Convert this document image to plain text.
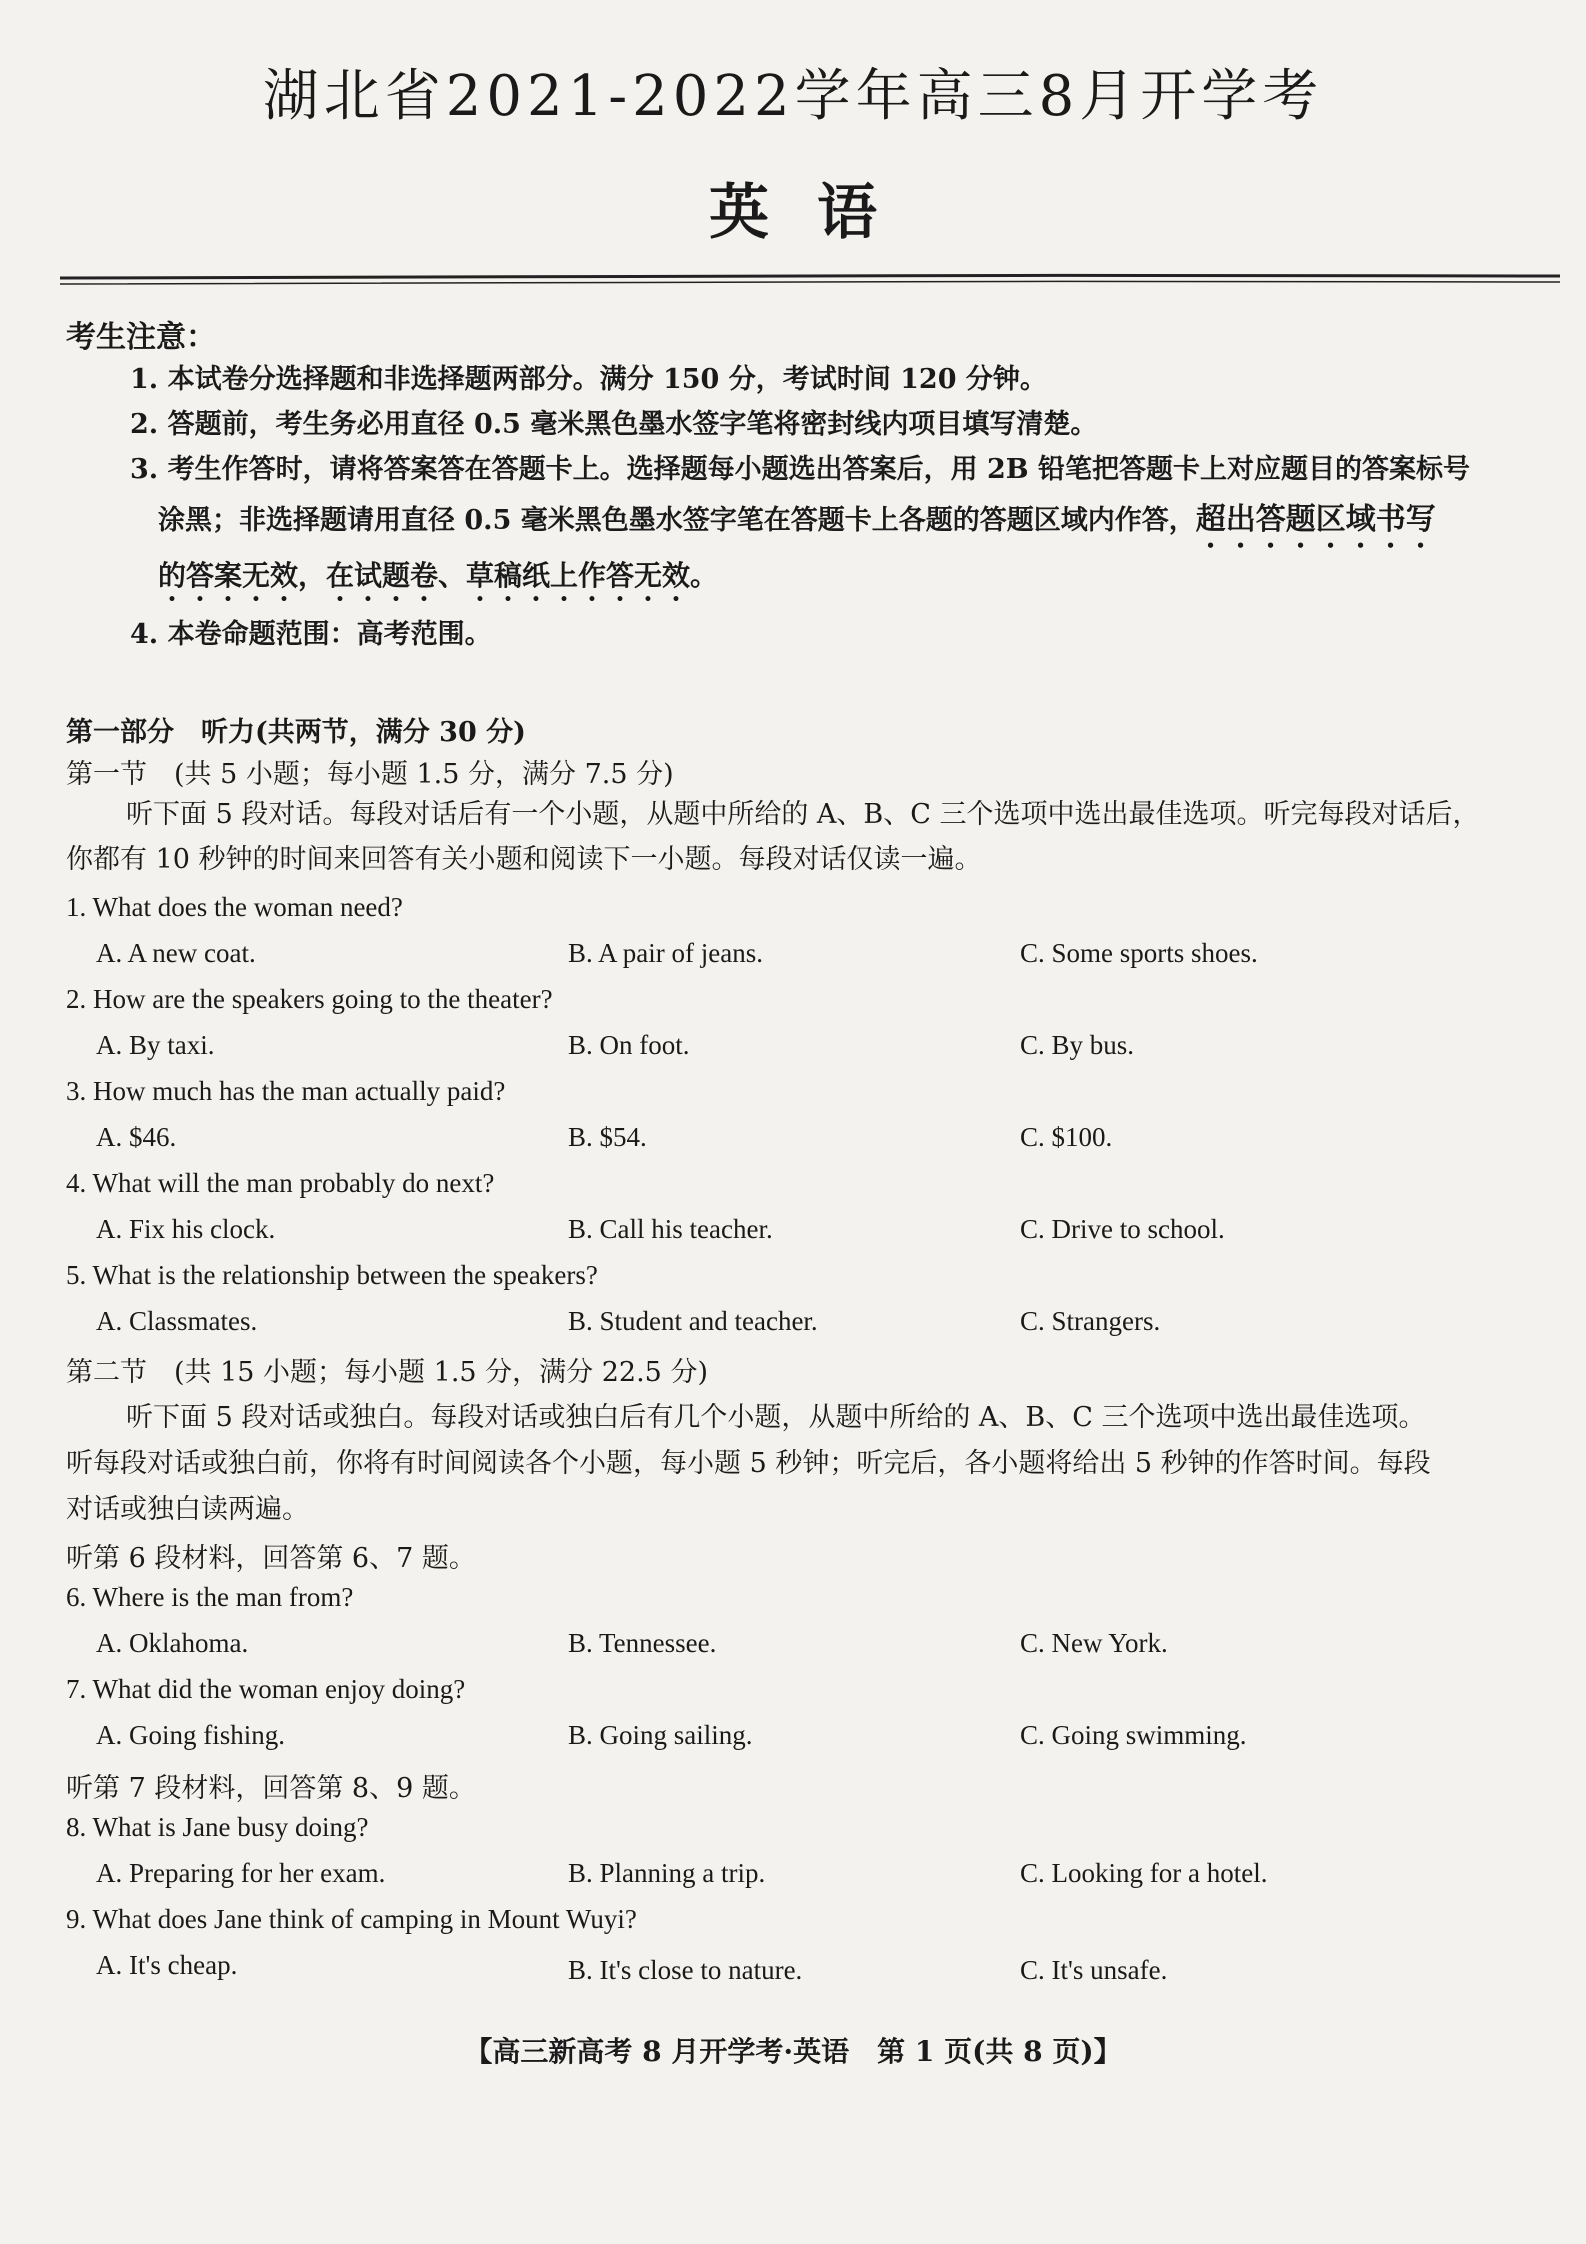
湖北省2021-2022学年高三8月开学考
英语
考生注意：
1. 本试卷分选择题和非选择题两部分。满分 150 分，考试时间 120 分钟。
2. 答题前，考生务必用直径 0.5 毫米黑色墨水签字笔将密封线内项目填写清楚。
3. 考生作答时，请将答案答在答题卡上。选择题每小题选出答案后，用 2B 铅笔把答题卡上对应题目的答案标号
涂黑；非选择题请用直径 0.5 毫米黑色墨水签字笔在答题卡上各题的答题区域内作答，超出答题区域书写
的答案无效，在试题卷、草稿纸上作答无效。
4. 本卷命题范围：高考范围。
第一部分　听力(共两节，满分 30 分)
第一节　(共 5 小题；每小题 1.5 分，满分 7.5 分)
听下面 5 段对话。每段对话后有一个小题，从题中所给的 A、B、C 三个选项中选出最佳选项。听完每段对话后，
你都有 10 秒钟的时间来回答有关小题和阅读下一小题。每段对话仅读一遍。
1. What does the woman need?
A. A new coat.	B. A pair of jeans.	C. Some sports shoes.
2. How are the speakers going to the theater?
A. By taxi.	B. On foot.	C. By bus.
3. How much has the man actually paid?
A. $46.	B. $54.	C. $100.
4. What will the man probably do next?
A. Fix his clock.	B. Call his teacher.	C. Drive to school.
5. What is the relationship between the speakers?
A. Classmates.	B. Student and teacher.	C. Strangers.
第二节　(共 15 小题；每小题 1.5 分，满分 22.5 分)
听下面 5 段对话或独白。每段对话或独白后有几个小题，从题中所给的 A、B、C 三个选项中选出最佳选项。
听每段对话或独白前，你将有时间阅读各个小题，每小题 5 秒钟；听完后，各小题将给出 5 秒钟的作答时间。每段
对话或独白读两遍。
听第 6 段材料，回答第 6、7 题。
6. Where is the man from?
A. Oklahoma.	B. Tennessee.	C. New York.
7. What did the woman enjoy doing?
A. Going fishing.	B. Going sailing.	C. Going swimming.
听第 7 段材料，回答第 8、9 题。
8. What is Jane busy doing?
A. Preparing for her exam.	B. Planning a trip.	C. Looking for a hotel.
9. What does Jane think of camping in Mount Wuyi?
A. It's cheap.	B. It's close to nature.	C. It's unsafe.
【高三新高考 8 月开学考·英语　第 1 页(共 8 页)】
